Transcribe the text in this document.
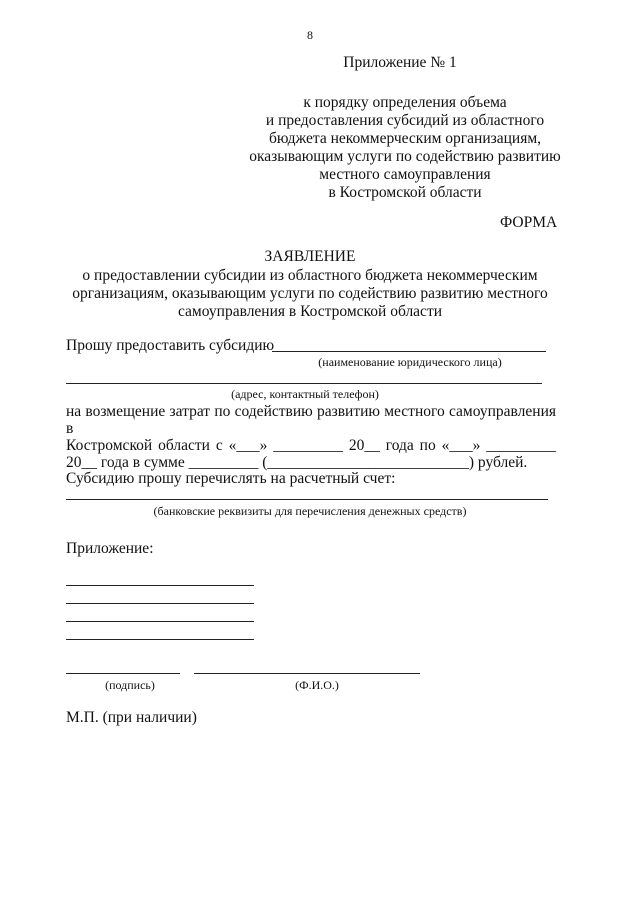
8
Приложение № 1
к порядку определения объема
и предоставления субсидий из областного
бюджета некоммерческим организациям,
оказывающим услуги по содействию развитию
местного самоуправления
в Костромской области
ФОРМА
ЗАЯВЛЕНИЕ
о предоставлении субсидии из областного бюджета некоммерческим
организациям, оказывающим услуги по содействию развитию местного
самоуправления в Костромской области
Прошу предоставить субсидию
(наименование юридического лица)
(адрес, контактный телефон)
на возмещение затрат по содействию развитию местного самоуправления в
Костромской области с «___» _________ 20__ года по «___» _________
20__ года в сумме _________ (__________________________) рублей.
Субсидию прошу перечислять на расчетный счет:
(банковские реквизиты для перечисления денежных средств)
Приложение:
(подпись)	(Ф.И.О.)
М.П. (при наличии)
